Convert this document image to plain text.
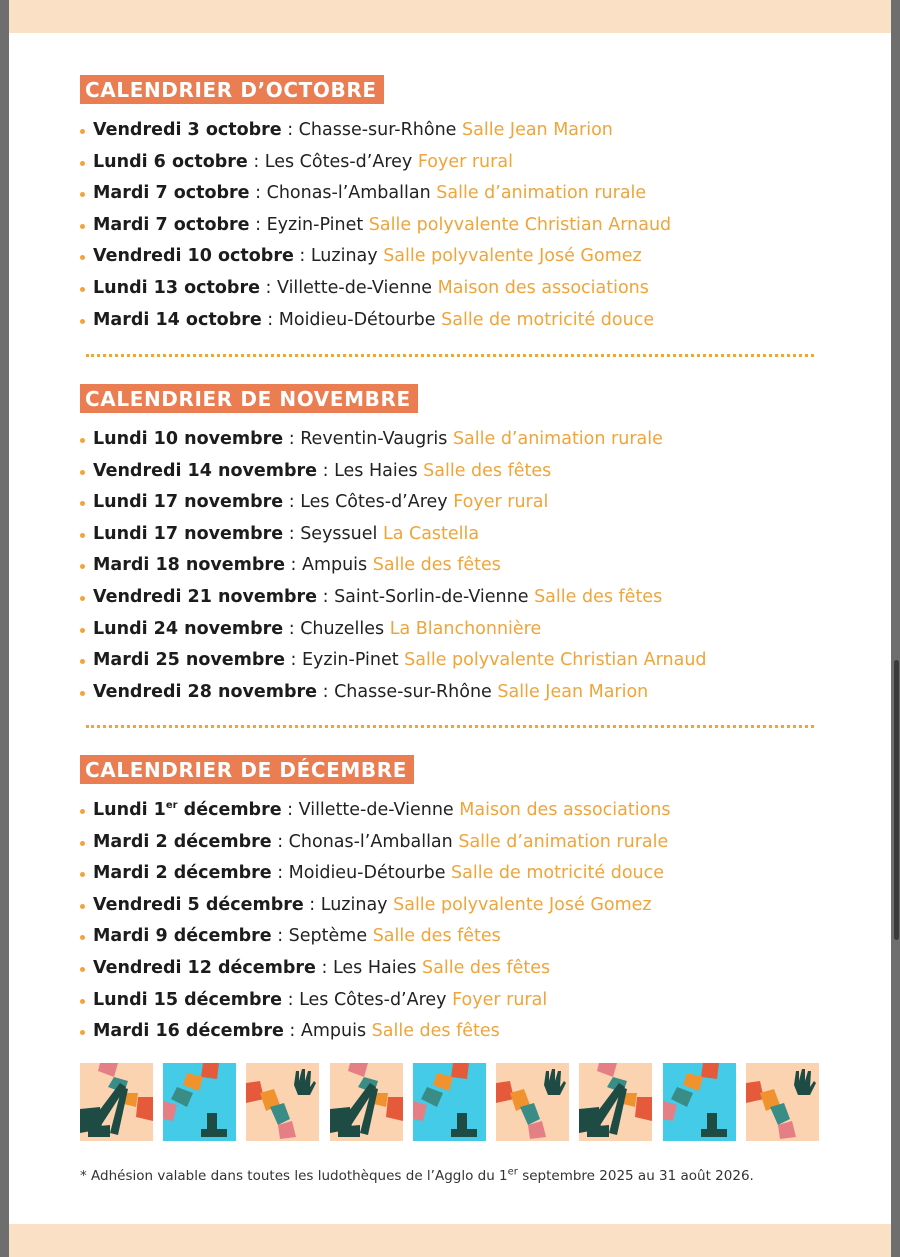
CALENDRIER D’OCTOBRE
Vendredi 3 octobre : Chasse-sur-Rhône Salle Jean Marion
Lundi 6 octobre : Les Côtes-d’Arey Foyer rural
Mardi 7 octobre : Chonas-l’Amballan Salle d’animation rurale
Mardi 7 octobre : Eyzin-Pinet Salle polyvalente Christian Arnaud
Vendredi 10 octobre : Luzinay Salle polyvalente José Gomez
Lundi 13 octobre : Villette-de-Vienne Maison des associations
Mardi 14 octobre : Moidieu-Détourbe Salle de motricité douce
CALENDRIER DE NOVEMBRE
Lundi 10 novembre : Reventin-Vaugris Salle d’animation rurale
Vendredi 14 novembre : Les Haies Salle des fêtes
Lundi 17 novembre : Les Côtes-d’Arey Foyer rural
Lundi 17 novembre : Seyssuel La Castella
Mardi 18 novembre : Ampuis Salle des fêtes
Vendredi 21 novembre : Saint-Sorlin-de-Vienne Salle des fêtes
Lundi 24 novembre : Chuzelles La Blanchonnière
Mardi 25 novembre : Eyzin-Pinet Salle polyvalente Christian Arnaud
Vendredi 28 novembre : Chasse-sur-Rhône Salle Jean Marion
CALENDRIER DE DÉCEMBRE
Lundi 1er décembre : Villette-de-Vienne Maison des associations
Mardi 2 décembre : Chonas-l’Amballan Salle d’animation rurale
Mardi 2 décembre : Moidieu-Détourbe Salle de motricité douce
Vendredi 5 décembre : Luzinay Salle polyvalente José Gomez
Mardi 9 décembre : Septème Salle des fêtes
Vendredi 12 décembre : Les Haies Salle des fêtes
Lundi 15 décembre : Les Côtes-d’Arey Foyer rural
Mardi 16 décembre : Ampuis Salle des fêtes
* Adhésion valable dans toutes les ludothèques de l’Agglo du 1er septembre 2025 au 31 août 2026.
